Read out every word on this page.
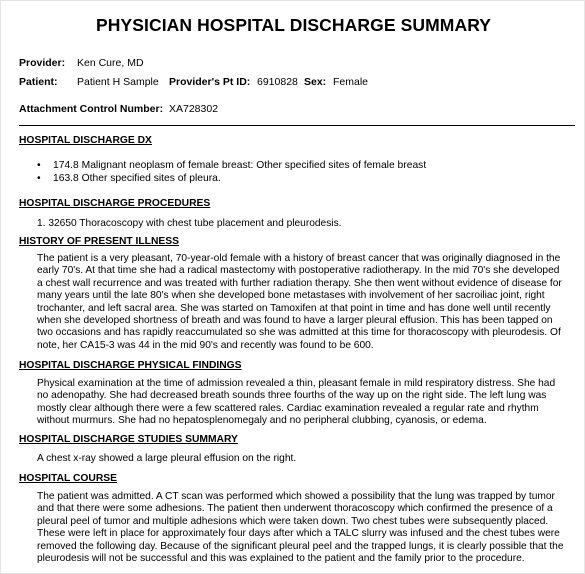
PHYSICIAN HOSPITAL DISCHARGE SUMMARY
Provider: Ken Cure, MD
Patient: Patient H Sample Provider's Pt ID: 6910828 Sex: Female
Attachment Control Number: XA728302
HOSPITAL DISCHARGE DX
• 174.8 Malignant neoplasm of female breast: Other specified sites of female breast
• 163.8 Other specified sites of pleura.
HOSPITAL DISCHARGE PROCEDURES
1. 32650 Thoracoscopy with chest tube placement and pleurodesis.
HISTORY OF PRESENT ILLNESS
The patient is a very pleasant, 70-year-old female with a history of breast cancer that was originally diagnosed in the
early 70's. At that time she had a radical mastectomy with postoperative radiotherapy. In the mid 70's she developed
a chest wall recurrence and was treated with further radiation therapy. She then went without evidence of disease for
many years until the late 80's when she developed bone metastases with involvement of her sacroiliac joint, right
trochanter, and left sacral area. She was started on Tamoxifen at that point in time and has done well until recently
when she developed shortness of breath and was found to have a larger pleural effusion. This has been tapped on
two occasions and has rapidly reaccumulated so she was admitted at this time for thoracoscopy with pleurodesis. Of
note, her CA15-3 was 44 in the mid 90's and recently was found to be 600.
HOSPITAL DISCHARGE PHYSICAL FINDINGS
Physical examination at the time of admission revealed a thin, pleasant female in mild respiratory distress. She had
no adenopathy. She had decreased breath sounds three fourths of the way up on the right side. The left lung was
mostly clear although there were a few scattered rales. Cardiac examination revealed a regular rate and rhythm
without murmurs. She had no hepatosplenomegaly and no peripheral clubbing, cyanosis, or edema.
HOSPITAL DISCHARGE STUDIES SUMMARY
A chest x-ray showed a large pleural effusion on the right.
HOSPITAL COURSE
The patient was admitted. A CT scan was performed which showed a possibility that the lung was trapped by tumor
and that there were some adhesions. The patient then underwent thoracoscopy which confirmed the presence of a
pleural peel of tumor and multiple adhesions which were taken down. Two chest tubes were subsequently placed.
These were left in place for approximately four days after which a TALC slurry was infused and the chest tubes were
removed the following day. Because of the significant pleural peel and the trapped lungs, it is clearly possible that the
pleurodesis will not be successful and this was explained to the patient and the family prior to the procedure.
